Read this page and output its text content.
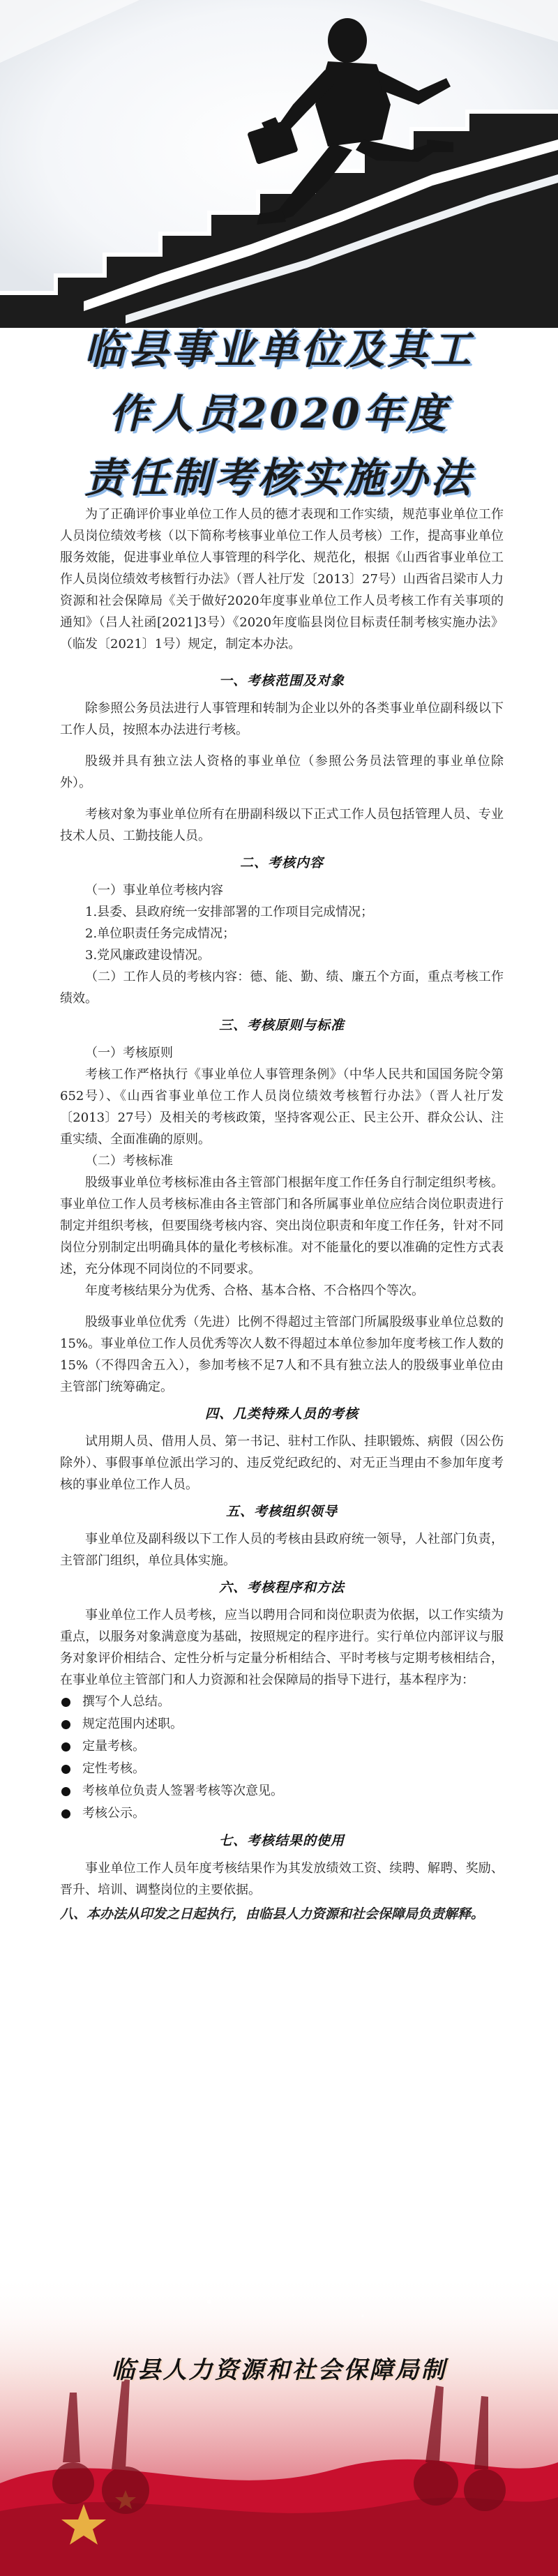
临县事业单位及其工
作人员2020年度
责任制考核实施办法

为了正确评价事业单位工作人员的德才表现和工作实绩，规范事业单位工作人员岗位绩效考核（以下简称考核事业单位工作人员考核）工作，提高事业单位服务效能，促进事业单位人事管理的科学化、规范化，根据《山西省事业单位工作人员岗位绩效考核暂行办法》（晋人社厅发〔2013〕27号）山西省吕梁市人力资源和社会保障局《关于做好2020年度事业单位工作人员考核工作有关事项的通知》（吕人社函[2021]3号）《2020年度临县岗位目标责任制考核实施办法》（临发〔2021〕1号）规定，制定本办法。

一、考核范围及对象

除参照公务员法进行人事管理和转制为企业以外的各类事业单位副科级以下工作人员，按照本办法进行考核。

股级并具有独立法人资格的事业单位（参照公务员法管理的事业单位除外）。

考核对象为事业单位所有在册副科级以下正式工作人员包括管理人员、专业技术人员、工勤技能人员。

二、考核内容

（一）事业单位考核内容

1.县委、县政府统一安排部署的工作项目完成情况；

2.单位职责任务完成情况；

3.党风廉政建设情况。

（二）工作人员的考核内容：德、能、勤、绩、廉五个方面，重点考核工作绩效。

三、考核原则与标准

（一）考核原则

考核工作严格执行《事业单位人事管理条例》（中华人民共和国国务院令第652号）、《山西省事业单位工作人员岗位绩效考核暂行办法》（晋人社厅发〔2013〕27号）及相关的考核政策，坚持客观公正、民主公开、群众公认、注重实绩、全面准确的原则。

（二）考核标准

股级事业单位考核标准由各主管部门根据年度工作任务自行制定组织考核。事业单位工作人员考核标准由各主管部门和各所属事业单位应结合岗位职责进行制定并组织考核，但要围绕考核内容、突出岗位职责和年度工作任务，针对不同岗位分别制定出明确具体的量化考核标准。对不能量化的要以准确的定性方式表述，充分体现不同岗位的不同要求。

年度考核结果分为优秀、合格、基本合格、不合格四个等次。

股级事业单位优秀（先进）比例不得超过主管部门所属股级事业单位总数的15%。事业单位工作人员优秀等次人数不得超过本单位参加年度考核工作人数的15%（不得四舍五入），参加考核不足7人和不具有独立法人的股级事业单位由主管部门统筹确定。

四、几类特殊人员的考核

试用期人员、借用人员、第一书记、驻村工作队、挂职锻炼、病假（因公伤除外）、事假事单位派出学习的、违反党纪政纪的、对无正当理由不参加年度考核的事业单位工作人员。

五、考核组织领导

事业单位及副科级以下工作人员的考核由县政府统一领导，人社部门负责，主管部门组织，单位具体实施。

六、考核程序和方法

事业单位工作人员考核，应当以聘用合同和岗位职责为依据，以工作实绩为重点，以服务对象满意度为基础，按照规定的程序进行。实行单位内部评议与服务对象评价相结合、定性分析与定量分析相结合、平时考核与定期考核相结合，在事业单位主管部门和人力资源和社会保障局的指导下进行，基本程序为：

撰写个人总结。
规定范围内述职。
定量考核。
定性考核。
考核单位负责人签署考核等次意见。
考核公示。
七、考核结果的使用

事业单位工作人员年度考核结果作为其发放绩效工资、续聘、解聘、奖励、晋升、培训、调整岗位的主要依据。

八、本办法从印发之日起执行，由临县人力资源和社会保障局负责解释。
临县人力资源和社会保障局制
